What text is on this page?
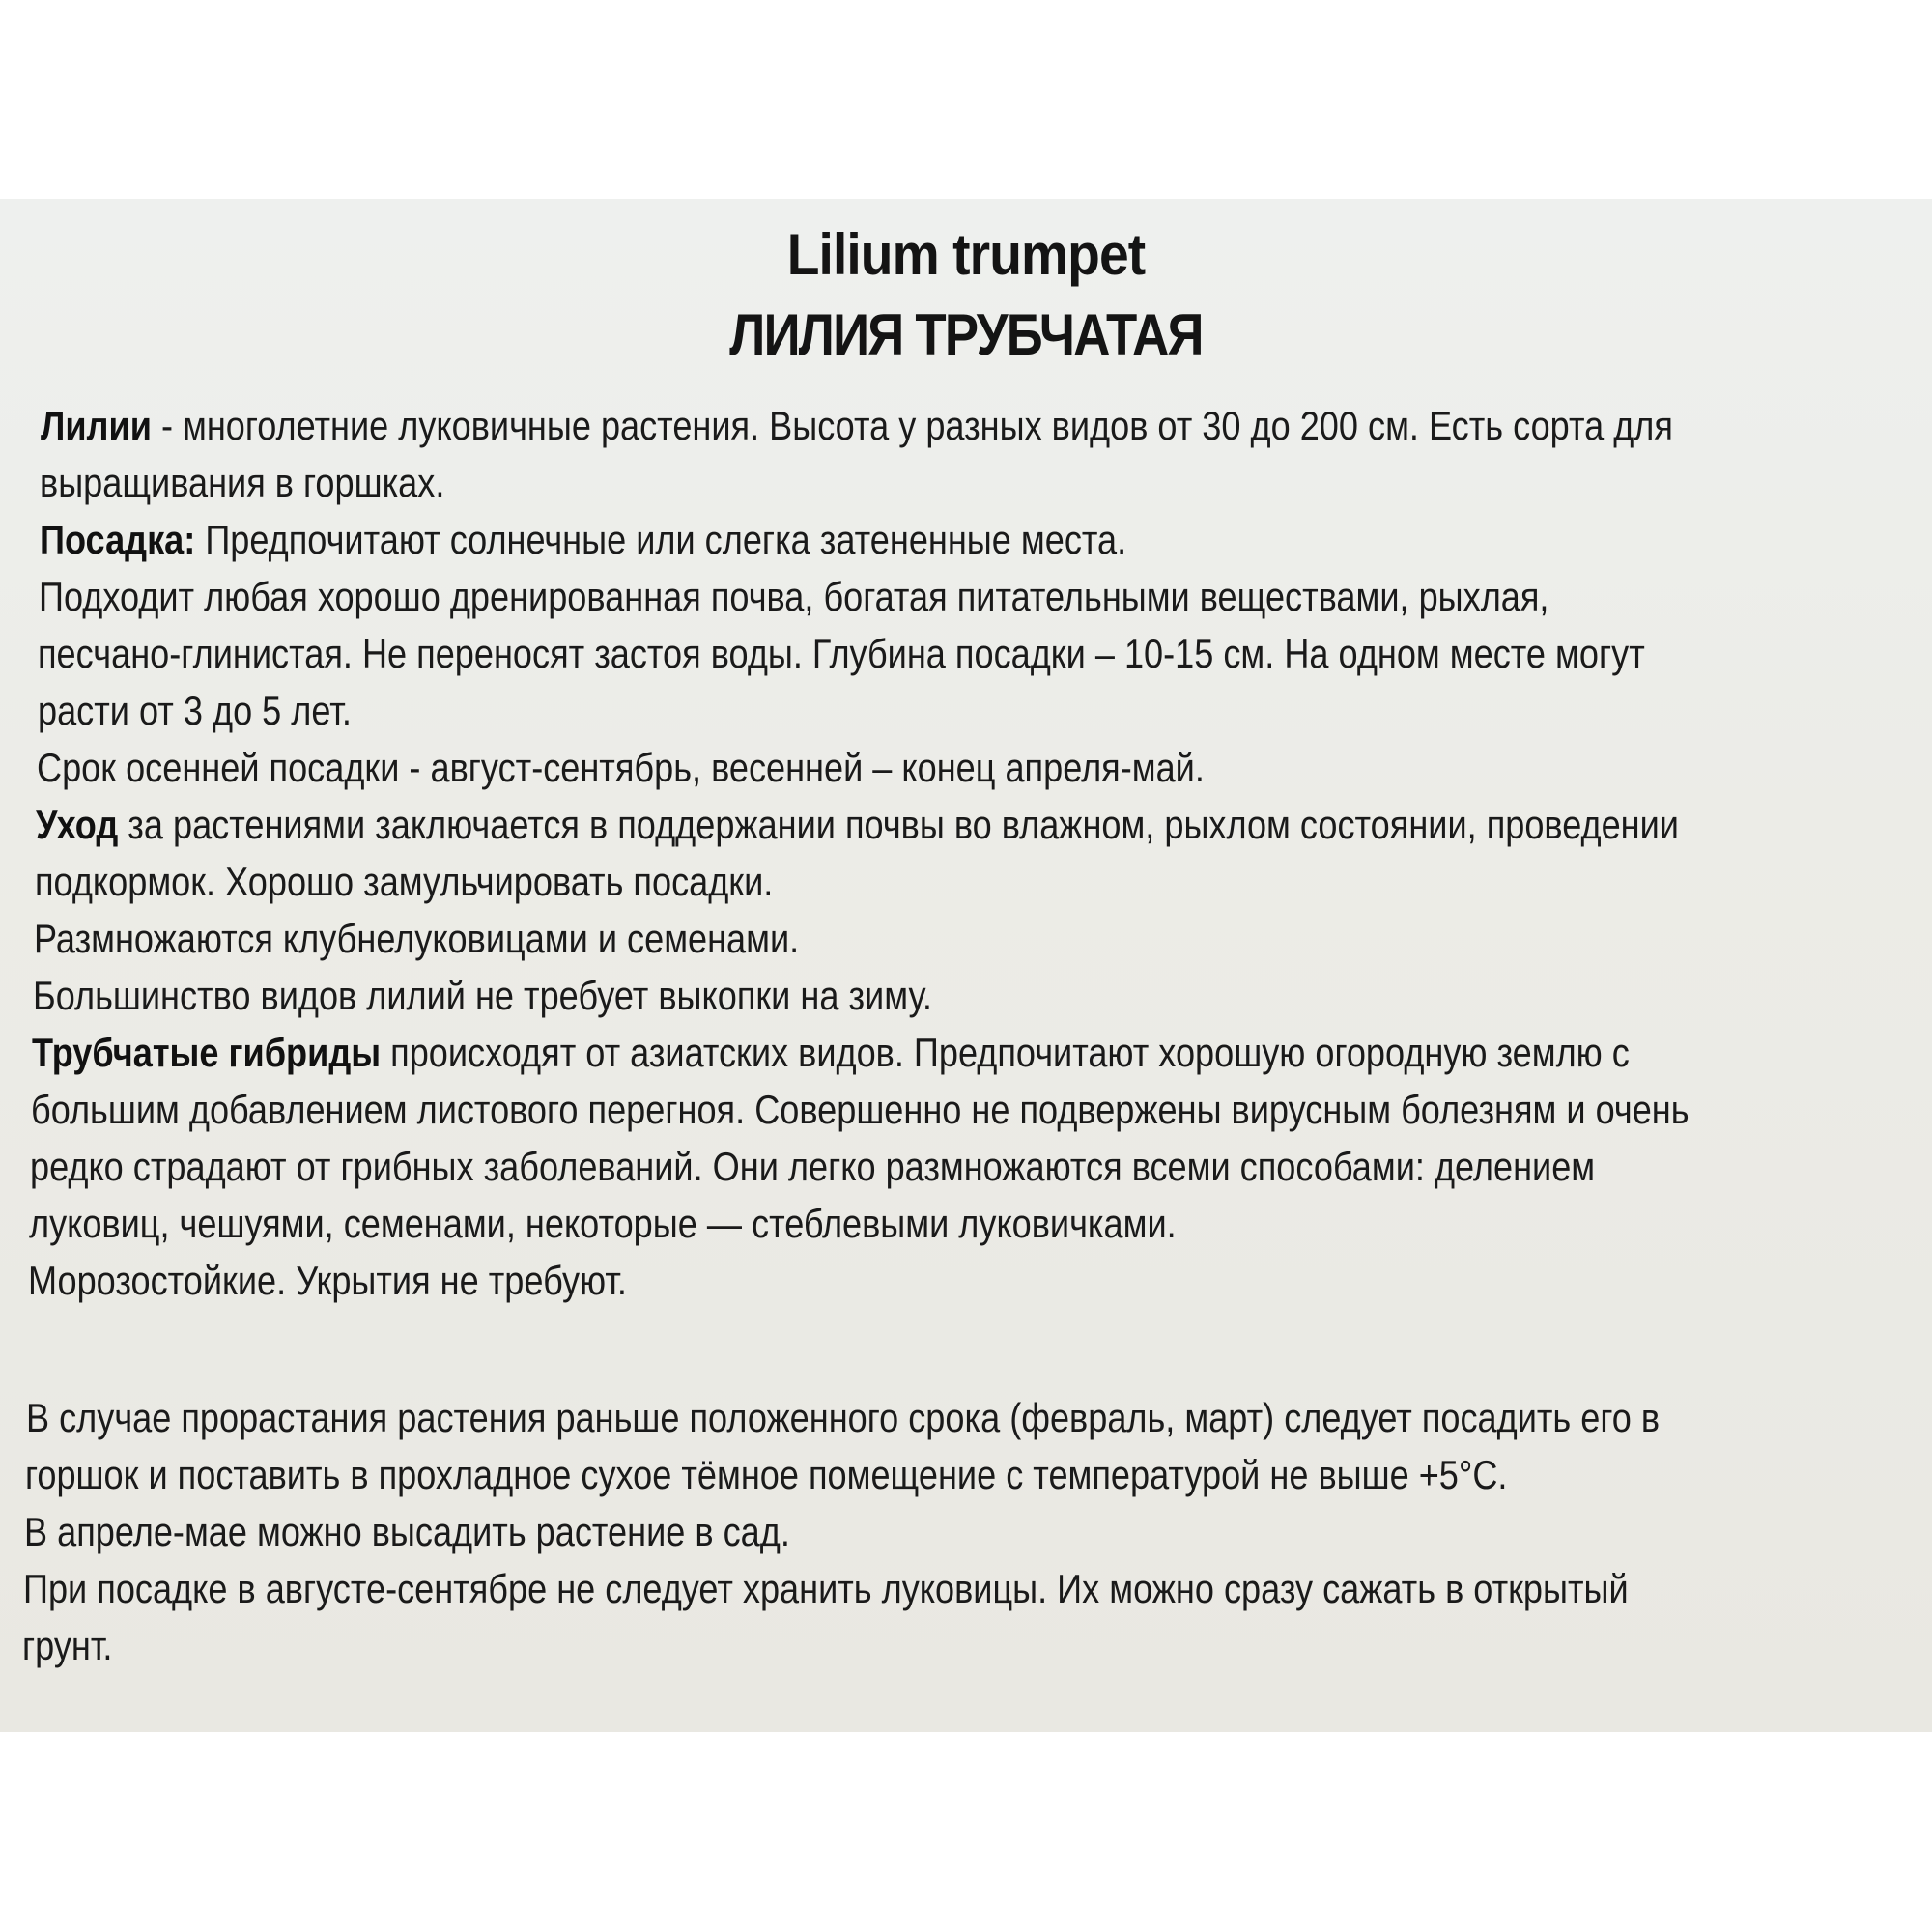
Lilium trumpet
ЛИЛИЯ ТРУБЧАТАЯ
Лилии - многолетние луковичные растения. Высота у разных видов от 30 до 200 см. Есть сорта для
выращивания в горшках.
Посадка: Предпочитают солнечные или слегка затененные места.
Подходит любая хорошо дренированная почва, богатая питательными веществами, рыхлая,
песчано-глинистая. Не переносят застоя воды. Глубина посадки – 10-15 см. На одном месте могут
расти от 3 до 5 лет.
Срок осенней посадки - август-сентябрь, весенней – конец апреля-май.
Уход за растениями заключается в поддержании почвы во влажном, рыхлом состоянии, проведении
подкормок. Хорошо замульчировать посадки.
Размножаются клубнелуковицами и семенами.
Большинство видов лилий не требует выкопки на зиму.
Трубчатые гибриды происходят от азиатских видов. Предпочитают хорошую огородную землю с
большим добавлением листового перегноя. Совершенно не подвержены вирусным болезням и очень
редко страдают от грибных заболеваний. Они легко размножаются всеми способами: делением
луковиц, чешуями, семенами, некоторые — стеблевыми луковичками.
Морозостойкие. Укрытия не требуют.
В случае прорастания растения раньше положенного срока (февраль, март) следует посадить его в
горшок и поставить в прохладное сухое тёмное помещение с температурой не выше +5°C.
В апреле-мае можно высадить растение в сад.
При посадке в августе-сентябре не следует хранить луковицы. Их можно сразу сажать в открытый
грунт.
